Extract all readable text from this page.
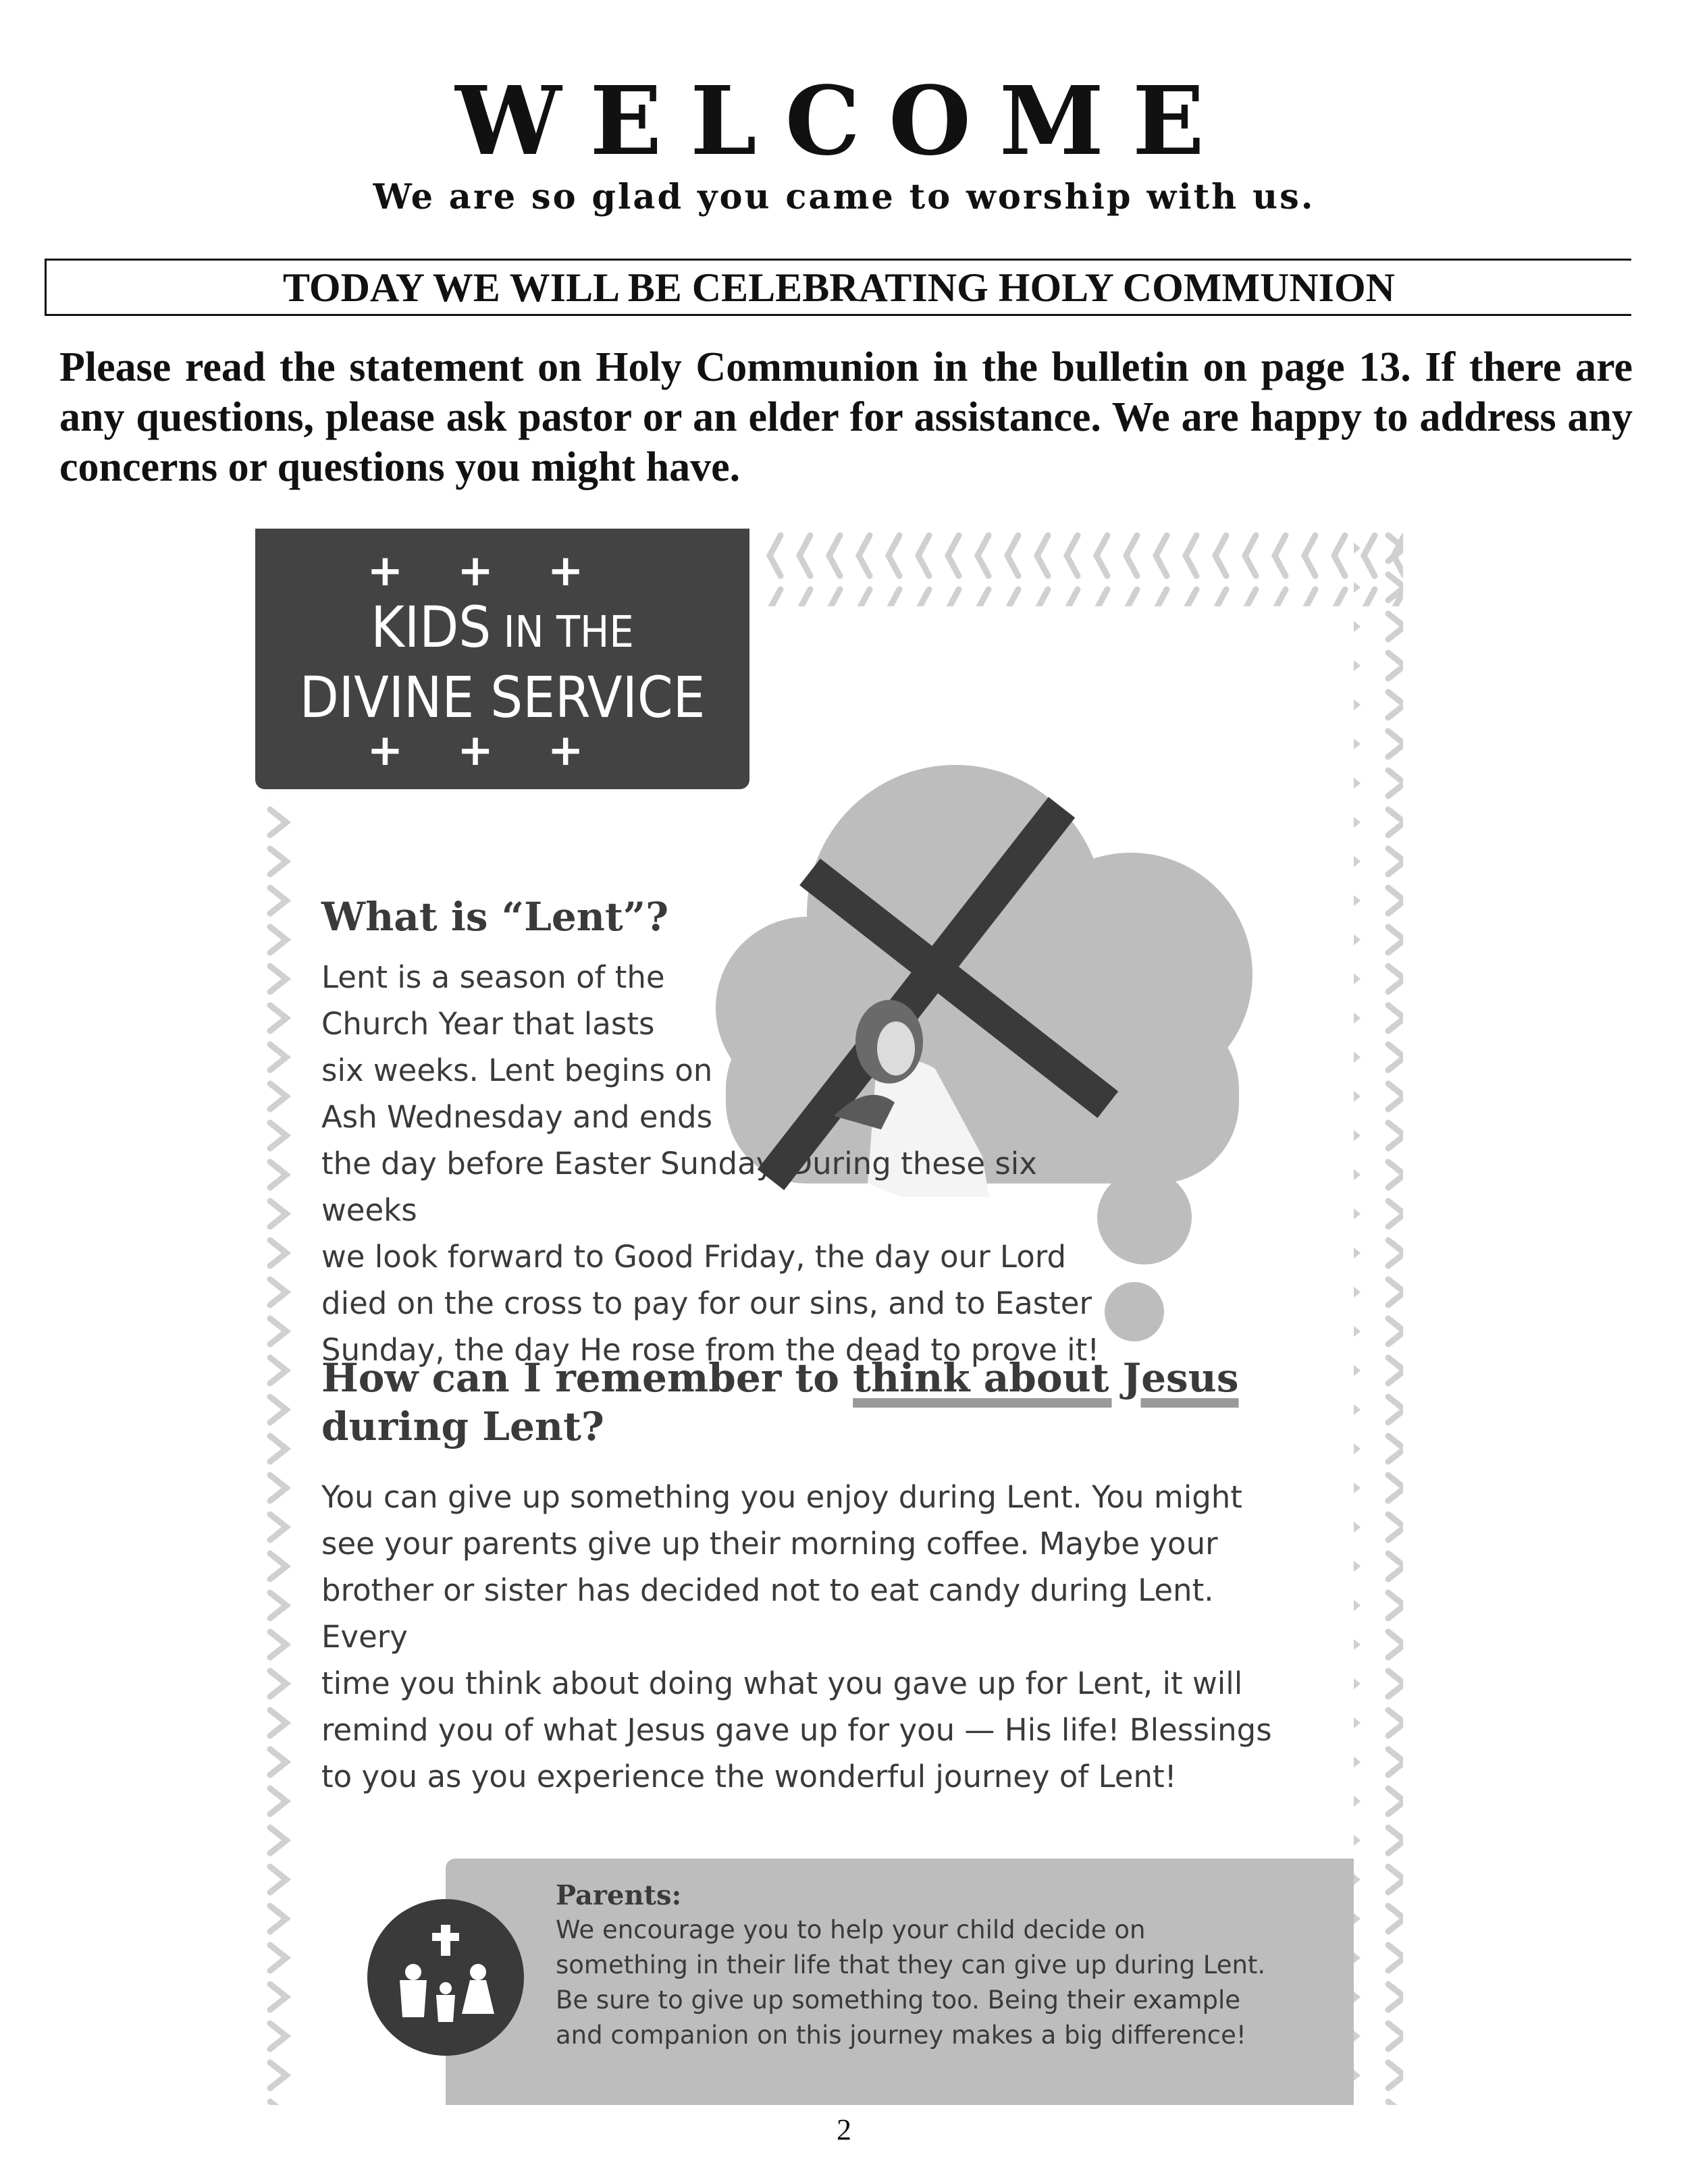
WELCOME
We are so glad you came to worship with us.
TODAY WE WILL BE CELEBRATING HOLY COMMUNION

Please read the statement on Holy Communion in the bulletin on page 13. If there are any questions, please ask pastor or an elder for assistance. We are happy to address any concerns or questions you might have.

+++
KIDS IN THE
DIVINE SERVICE
+++
What is “Lent”?
Lent is a season of the
Church Year that lasts
six weeks. Lent begins on
Ash Wednesday and ends
the day before Easter Sunday. During these six weeks
we look forward to Good Friday, the day our Lord
died on the cross to pay for our sins, and to Easter
Sunday, the day He rose from the dead to prove it!
How can I remember to think about Jesus
during Lent?
You can give up something you enjoy during Lent. You might
see your parents give up their morning coffee. Maybe your
brother or sister has decided not to eat candy during Lent. Every
time you think about doing what you gave up for Lent, it will
remind you of what Jesus gave up for you — His life! Blessings
to you as you experience the wonderful journey of Lent!
Parents:
We encourage you to help your child decide on
something in their life that they can give up during Lent.
Be sure to give up something too. Being their example
and companion on this journey makes a big difference!
2
